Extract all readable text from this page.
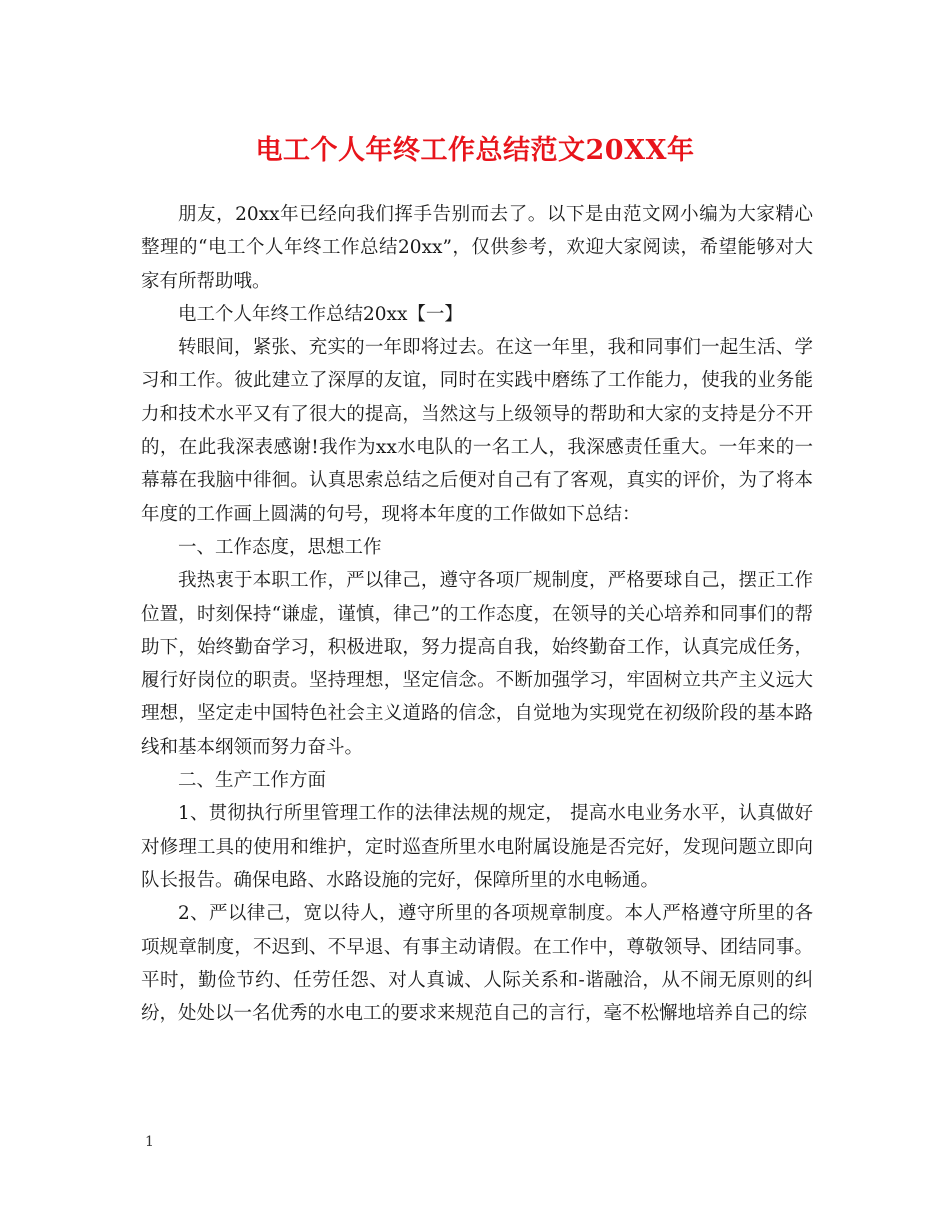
电工个人年终工作总结范文20XX年

朋友，20xx年已经向我们挥手告别而去了。以下是由范文网小编为大家精心整理的“电工个人年终工作总结20xx”，仅供参考，欢迎大家阅读，希望能够对大家有所帮助哦。

电工个人年终工作总结20xx【一】

转眼间，紧张、充实的一年即将过去。在这一年里，我和同事们一起生活、学习和工作。彼此建立了深厚的友谊，同时在实践中磨练了工作能力，使我的业务能力和技术水平又有了很大的提高，当然这与上级领导的帮助和大家的支持是分不开的，在此我深表感谢!我作为xx水电队的一名工人，我深感责任重大。一年来的一幕幕在我脑中徘徊。认真思索总结之后便对自己有了客观，真实的评价，为了将本年度的工作画上圆满的句号，现将本年度的工作做如下总结：

一、工作态度，思想工作

我热衷于本职工作，严以律己，遵守各项厂规制度，严格要球自己，摆正工作位置，时刻保持“谦虚，谨慎，律己”的工作态度，在领导的关心培养和同事们的帮助下，始终勤奋学习，积极进取，努力提高自我，始终勤奋工作，认真完成任务，履行好岗位的职责。坚持理想，坚定信念。不断加强学习，牢固树立共产主义远大理想，坚定走中国特色社会主义道路的信念，自觉地为实现党在初级阶段的基本路线和基本纲领而努力奋斗。

二、生产工作方面

1、贯彻执行所里管理工作的法律法规的规定， 提高水电业务水平，认真做好对修理工具的使用和维护，定时巡查所里水电附属设施是否完好，发现问题立即向队长报告。确保电路、水路设施的完好，保障所里的水电畅通。

2、严以律己，宽以待人，遵守所里的各项规章制度。本人严格遵守所里的各项规章制度，不迟到、不早退、有事主动请假。在工作中，尊敬领导、团结同事。平时，勤俭节约、任劳任怨、对人真诚、人际关系和-谐融洽，从不闹无原则的纠纷，处处以一名优秀的水电工的要求来规范自己的言行，毫不松懈地培养自己的综

1
